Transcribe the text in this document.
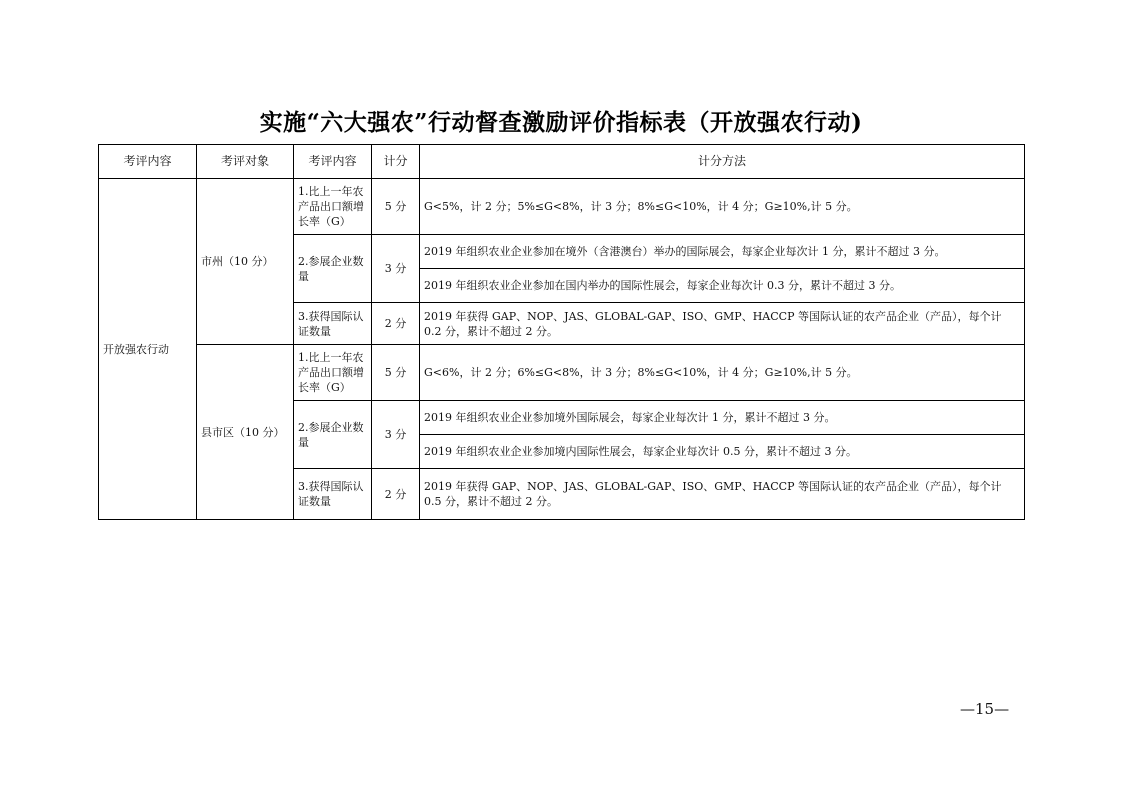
实施“六大强农”行动督查激励评价指标表（开放强农行动)
考评内容	考评对象	考评内容	计分	计分方法
开放强农行动	市州（10 分）	1.比上一年农产品出口额增长率（G）	5 分	G<5%，计 2 分；5%≤G<8%，计 3 分；8%≤G<10%，计 4 分；G≥10%,计 5 分。
		2.参展企业数量	3 分	2019 年组织农业企业参加在境外（含港澳台）举办的国际展会，每家企业每次计 1 分，累计不超过 3 分。
				2019 年组织农业企业参加在国内举办的国际性展会，每家企业每次计 0.3 分，累计不超过 3 分。
		3.获得国际认证数量	2 分	2019 年获得 GAP、NOP、JAS、GLOBAL-GAP、ISO、GMP、HACCP 等国际认证的农产品企业（产品），每个计 0.2 分，累计不超过 2 分。

	县市区（10 分）	1.比上一年农产品出口额增长率（G）	5 分	G<6%，计 2 分；6%≤G<8%，计 3 分；8%≤G<10%，计 4 分；G≥10%,计 5 分。
		2.参展企业数量	3 分	2019 年组织农业企业参加境外国际展会，每家企业每次计 1 分，累计不超过 3 分。
				2019 年组织农业企业参加境内国际性展会，每家企业每次计 0.5 分，累计不超过 3 分。
		3.获得国际认证数量	2 分	2019 年获得 GAP、NOP、JAS、GLOBAL-GAP、ISO、GMP、HACCP 等国际认证的农产品企业（产品），每个计 0.5 分，累计不超过 2 分。

—15—
